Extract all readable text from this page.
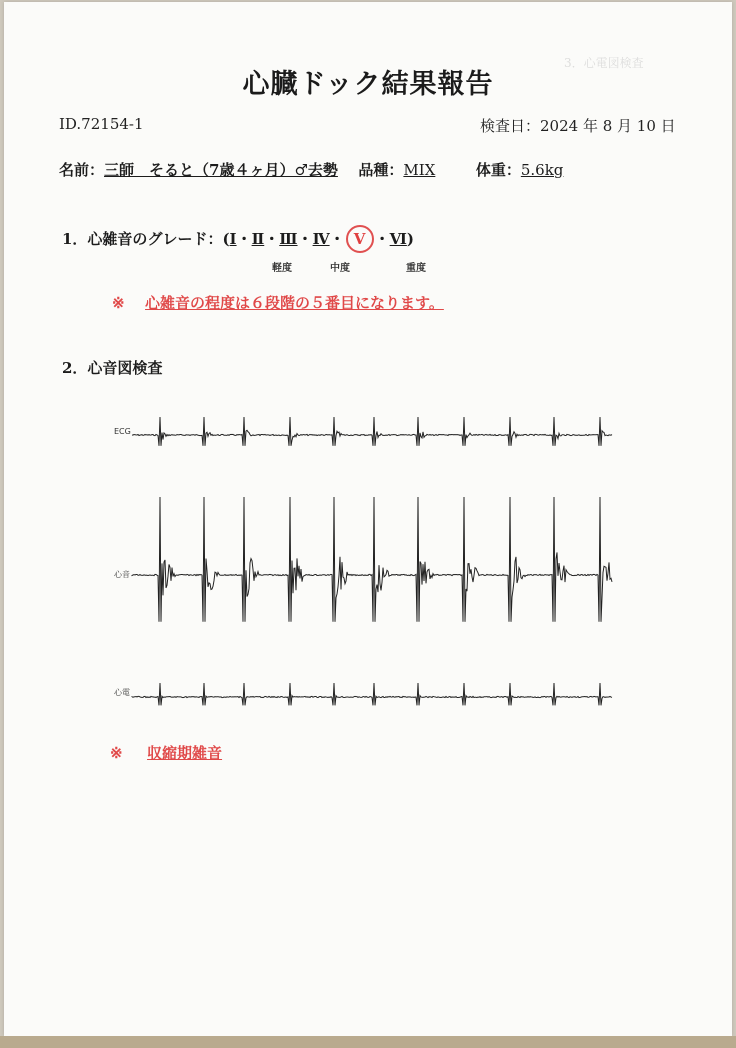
3．心電図検査
心臓ドック結果報告
ID.72154-1	検査日：2024 年 8 月 10 日
名前：三師　そると（7歳４ヶ月）♂去勢 品種：MIX	体重：5.6kg
1．心雑音のグレード：(Ⅰ・Ⅱ・Ⅲ・Ⅳ・ Ⅴ ・Ⅵ)
軽度	中度	重度
※ 心雑音の程度は６段階の５番目になります。
2．心音図検査
ECG
心音
心電
※ 収縮期雑音
